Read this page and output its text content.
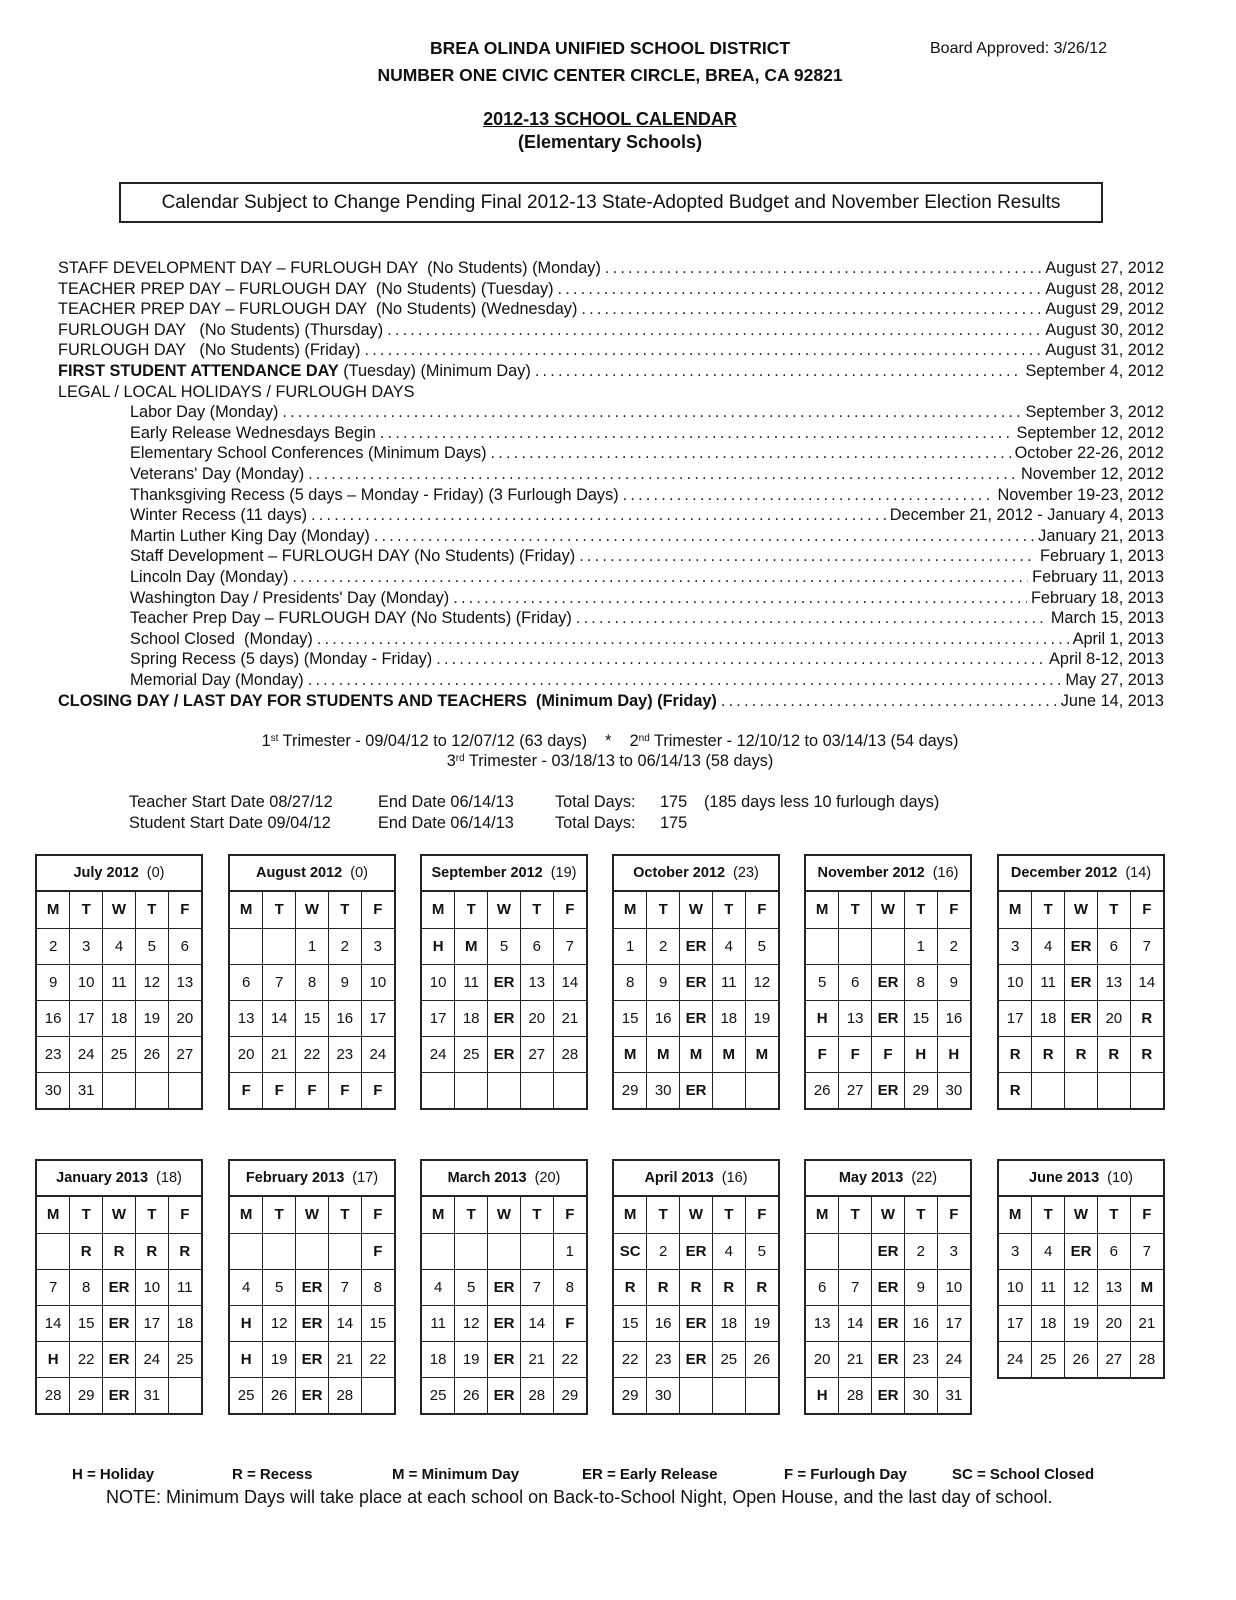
BREA OLINDA UNIFIED SCHOOL DISTRICT
NUMBER ONE CIVIC CENTER CIRCLE, BREA, CA 92821
Board Approved: 3/26/12
2012-13 SCHOOL CALENDAR
(Elementary Schools)
Calendar Subject to Change Pending Final 2012-13 State-Adopted Budget and November Election Results
STAFF DEVELOPMENT DAY – FURLOUGH DAY  (No Students) (Monday) .....	August 27, 2012
TEACHER PREP DAY – FURLOUGH DAY  (No Students) (Tuesday) .....	August 28, 2012
TEACHER PREP DAY – FURLOUGH DAY  (No Students) (Wednesday) .....	August 29, 2012
FURLOUGH DAY   (No Students) (Thursday) .....	August 30, 2012
FURLOUGH DAY   (No Students) (Friday) .....	August 31, 2012
FIRST STUDENT ATTENDANCE DAY (Tuesday) (Minimum Day) .....	September 4, 2012
LEGAL / LOCAL HOLIDAYS / FURLOUGH DAYS
Labor Day (Monday) .....	September 3, 2012
Early Release Wednesdays Begin .....	September 12, 2012
Elementary School Conferences (Minimum Days) .....	October 22-26, 2012
Veterans' Day (Monday) .....	November 12, 2012
Thanksgiving Recess (5 days – Monday - Friday) (3 Furlough Days) .....	November 19-23, 2012
Winter Recess (11 days) .....	December 21, 2012 - January 4, 2013
Martin Luther King Day (Monday) .....	January 21, 2013
Staff Development – FURLOUGH DAY (No Students) (Friday) .....	February 1, 2013
Lincoln Day (Monday) .....	February 11, 2013
Washington Day / Presidents' Day (Monday) .....	February 18, 2013
Teacher Prep Day – FURLOUGH DAY (No Students) (Friday) .....	March 15, 2013
School Closed  (Monday) .....	April 1, 2013
Spring Recess (5 days) (Monday - Friday) .....	April 8-12, 2013
Memorial Day (Monday) .....	May 27, 2013
CLOSING DAY / LAST DAY FOR STUDENTS AND TEACHERS  (Minimum Day) (Friday) .....	June 14, 2013
1st Trimester - 09/04/12 to 12/07/12 (63 days)    *    2nd Trimester - 12/10/12 to 03/14/13 (54 days)
3rd Trimester - 03/18/13 to 06/14/13 (58 days)
Teacher Start Date 08/27/12	End Date 06/14/13	Total Days: 175 (185 days less 10 furlough days)
Student Start Date 09/04/12	End Date 06/14/13	Total Days: 175
July 2012 (0)
M	T	W	T	F
2	3	4	5	6
9	10	11	12	13
16	17	18	19	20
23	24	25	26	27
30	31			
August 2012 (0)
M	T	W	T	F
		1	2	3
6	7	8	9	10
13	14	15	16	17
20	21	22	23	24
F	F	F	F	F
September 2012 (19)
M	T	W	T	F
H	M	5	6	7
10	11	ER	13	14
17	18	ER	20	21
24	25	ER	27	28

October 2012 (23)
M	T	W	T	F
1	2	ER	4	5
8	9	ER	11	12
15	16	ER	18	19
M	M	M	M	M
29	30	ER		
November 2012 (16)
M	T	W	T	F
			1	2
5	6	ER	8	9
H	13	ER	15	16
F	F	F	H	H
26	27	ER	29	30
December 2012 (14)
M	T	W	T	F
3	4	ER	6	7
10	11	ER	13	14
17	18	ER	20	R
R	R	R	R	R
R				
January 2013 (18)
M	T	W	T	F
	R	R	R	R
7	8	ER	10	11
14	15	ER	17	18
H	22	ER	24	25
28	29	ER	31	
February 2013 (17)
M	T	W	T	F
				F
4	5	ER	7	8
H	12	ER	14	15
H	19	ER	21	22
25	26	ER	28	
March 2013 (20)
M	T	W	T	F
				1
4	5	ER	7	8
11	12	ER	14	F
18	19	ER	21	22
25	26	ER	28	29
April 2013 (16)
M	T	W	T	F
SC	2	ER	4	5
R	R	R	R	R
15	16	ER	18	19
22	23	ER	25	26
29	30			
May 2013 (22)
M	T	W	T	F
		ER	2	3
6	7	ER	9	10
13	14	ER	16	17
20	21	ER	23	24
H	28	ER	30	31
June 2013 (10)
M	T	W	T	F
3	4	ER	6	7
10	11	12	13	M
17	18	19	20	21
24	25	26	27	28
H = Holiday	R = Recess	M = Minimum Day	ER = Early Release	F = Furlough Day	SC = School Closed
NOTE: Minimum Days will take place at each school on Back-to-School Night, Open House, and the last day of school.
